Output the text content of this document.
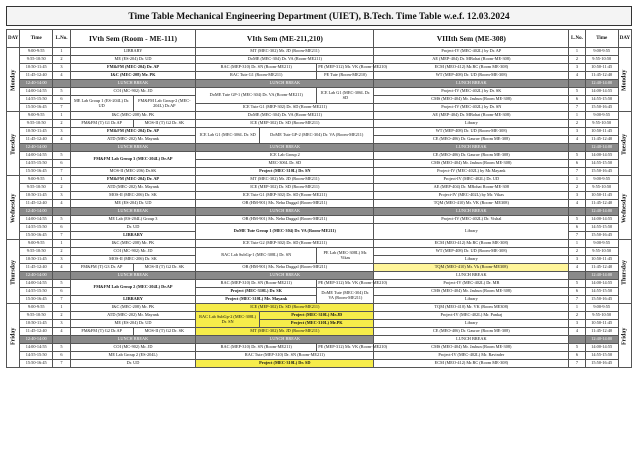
Time Table Mechanical Engineering Department (UIET), B.Tech. Time Table w.e.f. 12.03.2024
DAY	Time	L.No.	IVth Sem (Room - ME-111)		VIth Sem (ME-211,210)			VIIIth Sem (ME-308)	L.No.	Time	DAY
Monday	9:00-9:55	1	LIBRARY		MT (MEC-302) Mr. JD (Room-ME211)			Project-IV (MEC-402L) by Dr. AP	1	9:00-9:55	Monday
	9:55-10:50	2	ME (ES-204) Dr. UD		DoME (MEC-304) Dr. VA (Room-ME211)			AE (MEP-404) Dr. MBohat (Room-ME-308)	2	9:55-10:50	
	10:50-11:45	3	FM&FM (MEC-204) Dr. AP		RAC (MEP-310) Dr. SN (Room-ME211)		PE (MEP-312) Mr. VK (Room-ME210)	ECM (MEO-412) Mr.RC (Room ME-308)	3	10:50-11:45	
	11:45-12:40	4	I&C (MEC-208) Mr. PK		RAC Tute G1 (Room-ME211)		PE Tute (Room-ME210)	WT (MEP-408) Dr. UD (Room-ME-308)	4	11:45-12:40	
	12:40-14:00		LUNCH BREAK		LUNCH BREAK			LUNCH BREAK		12:40-14:00	
	14:00-14:55	5	COI (MC-902) Mr. JD		DoME Tute GP-1 (MEC-304) Dr. VA (Room-ME211)		ICE Lab G1 (MEC-306L Dr. SD	Project-IV (MEC-402L) by Dr. SK	5	14:00-14:55	
	14:55-15:50	6	ME Lab Group 1 (ES-204L) Dr. UD	FM&FM Lab Group-2 (MEC-204L) Dr.AP				CMS (MEO-404) Mr. Jasbun (Room ME-308)	6	14:55-15:50	
	15:50-16:45	7			ICE Tute G1 (MEP-302) Dr. SD (Room-ME211)			Project-IV (MEC-402L) by Dr. SN	7	15:50-16:45	
Tuesday	9:00-9:55	1	I&C (MEC-208) Mr. PK		DoME (MEC-304) Dr. VA (Room-ME211)			AE (MEP-404) Dr. MBohat (Room-ME-308)	1	9:00-9:55	Tuesday
	9:55-10:50	2	FM&FM (T) G1 Dr.AP	MOS-II (T) G2 Dr. SK	ICE (MEP-302) Dr. SD (Room-ME211)			Library	2	9:55-10:50	
	10:50-11:45	3	FM&FM (MEC-204) Dr. AP		ICE Lab G1 (MEC-306L Dr. SD	DoME Tute GP-2 (MEC-304) Dr. VA (Room-ME211)		WT (MEP-408) Dr. UD (Room-ME-308)	3	10:50-11:45	
	11:45-12:40	4	ATD (MEC-202) Mr. Mayank					CE (MEO-406) Dr. Gaurav (Room ME-308)	4	11:45-12:40	
	12:40-14:00		LUNCH BREAK		LUNCH BREAK			LUNCH BREAK		12:40-14:00	
	14:00-14:55	5	FM&FM Lab Group 3 (MEC-204L) Dr.AP		ICE Lab Group 2			CE (MEO-406) Dr. Gaurav (Room ME-308)	5	14:00-14:55	
	14:55-15:50	6			MEC-306L Dr. SD			CMS (MEO-404) Mr. Jasbun (Room ME-308)	6	14:55-15:50	
	15:50-16:45	7	MOS-II (MEC-206) Dr.SK		Project (MEC-310L) Dr. SN			Project-IV (MEC-402L) by Mr.Mayank	7	15:50-16:45	
Wednesday	9:00-9:55	1	FM&FM (MEC-204) Dr. AP		MT (MEC-302) Mr. JD (Room-ME211)			Project-IV (MEC-402L) Dr. UD	1	9:00-9:55	Wednesday
	9:55-10:50	2	ATD (MEC-202) Mr. Mayank		ICE (MEP-302) Dr. SD (Room-ME211)			AE (MEP-404) Dr. MBohat Room-ME-308	2	9:55-10:50	
	10:50-11:45	3	MOS-II (MEC-206) Dr. SK		ICE Tute G1 (MEP-302) Dr. SD (Room-ME211)			Project-IV (MEC-402L) by Mr. Vikas	3	10:50-11:45	
	11:45-12:40	4	ME (ES-204) Dr. UD		OB (HM-901) Ms. Neha Duggal (Room-ME211)			TQM (MEO-410) Mr. VK (Room- ME308)	4	11:45-12:40	
	12:40-14:00		LUNCH BREAK		LUNCH BREAK			LUNCH BREAK		12:40-14:00	
	14:00-14:55	5	ME Lab (ES-204L) Group 3		OB (HM-901) Ms. Neha Duggal (Room-ME211)			Project-IV (MEC-402L) Dr. Vishal	5	14:00-14:55	
	14:55-15:50	6	Dr. UD		DoME Tute Group 1 (MEC-304) Dr. VA (Room-ME211)			Library	6	14:55-15:50	
	15:50-16:45	7	LIBRARY						7	15:50-16:45	
Thursday	9:00-9:55	1	I&C (MEC-208) Mr. PK		ICE Tute G2 (MEP-302) Dr. SD (Room-ME211)			ECM (MEO-412) Mr.RC (Room ME-308)	1	9:00-9:55	Thursday
	9:55-10:50	2	COI (MC-902) Mr. JD		RAC Lab SubGp-1 (MEC-308L) Dr. SN		PE Lab (MEC-308L) Mr. Vikas	WT (MEP-408) Dr. UD (Room-ME-308)	2	9:55-10:50	
	10:50-11:45	3	MOS-II (MEC-206) Dr. SK					Library	3	10:50-11:45	
	11:45-12:40	4	FM&FM (T) G3 Dr. AP	MOS-II (T) G2 Dr. SK	OB (HM-901) Ms. Neha Duggal (Room-ME211)			TQM (MEO-410) Mr. Vk (Room-ME308)	4	11:45-12:40	
	12:40-14:00		LUNCH BREAK		LUNCH BREAK			LUNCH BREAK		12:40-14:00	
	14:00-14:55	5	FM&FM Lab Group 2 (MEC-204L) Dr.AP		RAC (MEP-310) Dr. SN (Room-ME211)		PE (MEP-312) Mr. VK (Room-ME210)	Project-IV (MEC-402L) Dr. MB	5	14:00-14:55	
	14:55-15:50	6			Project (MEC-310L) Dr. SK		DoME Tute (MEC-304) Dr. VA (Room-ME211)	CMS (MEO-404) Mr. Jasbun (Room ME-308)	6	14:55-15:50	
	15:50-16:45	7	LIBRARY		Project (MEC-310L) Mr. Mayank			Library	7	15:50-16:45	
Friday	9:00-9:55	1	I&C (MEC-208) Mr. PK		ICE (MEP-302) Dr. SD (Room-ME211)			TQM (MEO-410) Mr. VK (Room ME308)	1	9:00-9:55	Friday
	9:55-10:50	2	ATD (MEC-202) Mr. Mayank		RAC Lab SubGp-2 (MEC-308L) Dr. SN	Project (MEC-310L) Mr.JD		Project-IV (MEC-402L) Mr. Pankaj	2	9:55-10:50	
	10:50-11:45	3	ME (ES-204) Dr. UD			Project (MEC-310L) Mr.PK		Library	3	10:50-11:45	
	11:45-12:40	4	FM&FM (T) G2 Dr.AP	MOS-II (T) G2 Dr. SK	MT (MEC-302) Mr. JD (Room-ME211)			CE (MEO-406) Dr. Gaurav (Room ME-308)	4	11:45-12:40	
	12:40-14:00		LUNCH BREAK		LUNCH BREAK			LUNCH BREAK		12:40-14:00	
	14:00-14:55	5	COI (MC-902) Mr. JD		RAC (MEP-310) Dr. SN (Room-ME211)		PE (MEP-312) Mr. VK (Room-ME210)	CMS (MEO-404) Mr. Jasbun (Room ME-308)	5	14:00-14:55	
	14:55-15:50	6	ME Lab Group 2 (ES-204L)		RAC Tute (MEP-310) Dr. SN (Room-ME211)			Project-IV (MEC-402L) Mr. Ravinder	6	14:55-15:50	
	15:50-16:45	7	Dr. UD		Project (MEC-310L) Dr. SD			ECM (MEO-412) Mr.RC (Room ME-308)	7	15:50-16:45	
